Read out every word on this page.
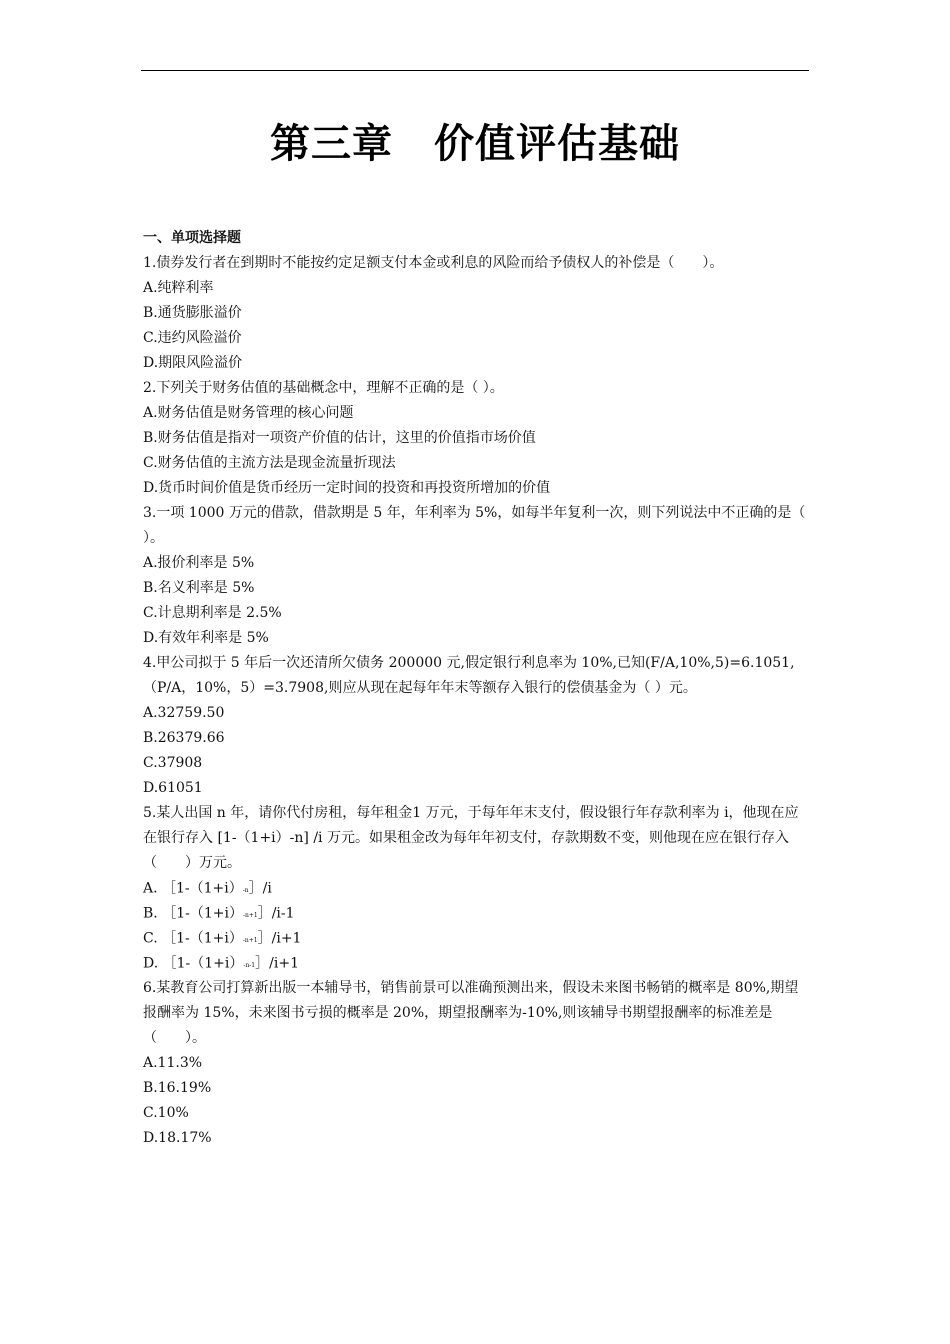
第三章　价值评估基础
一、单项选择题
1.债券发行者在到期时不能按约定足额支付本金或利息的风险而给予债权人的补偿是（　　）。
A.纯粹利率
B.通货膨胀溢价
C.违约风险溢价
D.期限风险溢价
2.下列关于财务估值的基础概念中，理解不正确的是（ ）。
A.财务估值是财务管理的核心问题
B.财务估值是指对一项资产价值的估计，这里的价值指市场价值
C.财务估值的主流方法是现金流量折现法
D.货币时间价值是货币经历一定时间的投资和再投资所增加的价值
3.一项 1000 万元的借款，借款期是 5 年，年利率为 5%，如每半年复利一次，则下列说法中不正确的是（ ）。
A.报价利率是 5%
B.名义利率是 5%
C.计息期利率是 2.5%
D.有效年利率是 5%
4.甲公司拟于 5 年后一次还清所欠债务 200000 元,假定银行利息率为 10%,已知(F/A,10%,5)=6.1051,（P/A，10%，5）=3.7908,则应从现在起每年年末等额存入银行的偿债基金为（ ）元。
A.32759.50
B.26379.66
C.37908
D.61051
5.某人出国 n 年，请你代付房租，每年租金1 万元，于每年年末支付，假设银行年存款利率为 i，他现在应在银行存入 [1-（1+i）-n] /i 万元。如果租金改为每年年初支付，存款期数不变，则他现在应在银行存入（　　）万元。
A. ［1-（1+i）-n］/i
B. ［1-（1+i）-n+1］/i-1
C. ［1-（1+i）-n+1］/i+1
D. ［1-（1+i）-n-1］/i+1
6.某教育公司打算新出版一本辅导书，销售前景可以准确预测出来，假设未来图书畅销的概率是 80%,期望报酬率为 15%，未来图书亏损的概率是 20%，期望报酬率为-10%,则该辅导书期望报酬率的标准差是（　　）。
A.11.3%
B.16.19%
C.10%
D.18.17%
